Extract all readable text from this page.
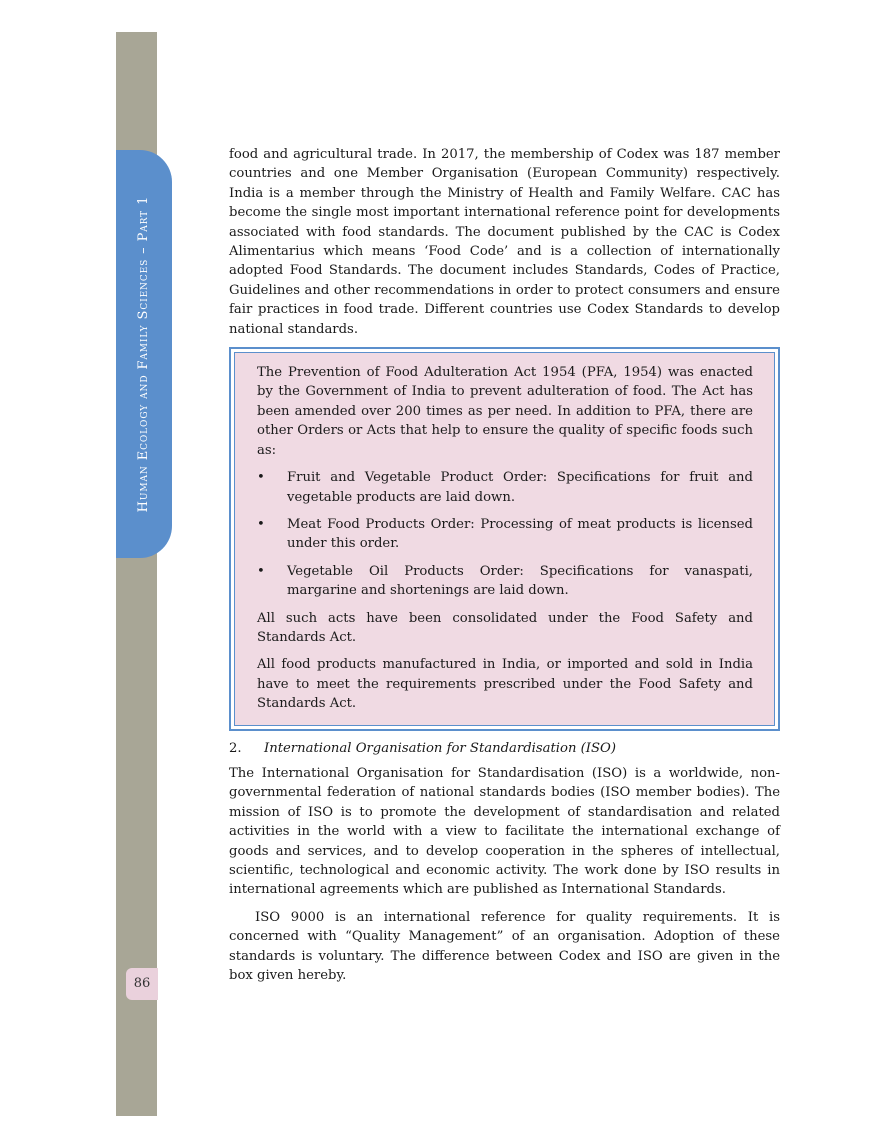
Human Ecology and Family Sciences – Part 1
86

food and agricultural trade. In 2017, the membership of Codex was 187 member countries and one Member Organisation (European Community) respectively. India is a member through the Ministry of Health and Family Welfare. CAC has become the single most important international reference point for developments associated with food standards. The document published by the CAC is Codex Alimentarius which means ‘Food Code’ and is a collection of internationally adopted Food Standards. The document includes Standards, Codes of Practice, Guidelines and other recommendations in order to protect consumers and ensure fair practices in food trade. Different countries use Codex Standards to develop national standards.

The Prevention of Food Adulteration Act 1954 (PFA, 1954) was enacted by the Government of India to prevent adulteration of food. The Act has been amended over 200 times as per need. In addition to PFA, there are other Orders or Acts that help to ensure the quality of specific foods such as:

• Fruit and Vegetable Product Order: Specifications for fruit and vegetable products are laid down.
• Meat Food Products Order: Processing of meat products is licensed under this order.
• Vegetable Oil Products Order: Specifications for vanaspati, margarine and shortenings are laid down.

All such acts have been consolidated under the Food Safety and Standards Act.

All food products manufactured in India, or imported and sold in India have to meet the requirements prescribed under the Food Safety and Standards Act.

2. International Organisation for Standardisation (ISO)

The International Organisation for Standardisation (ISO) is a worldwide, non-governmental federation of national standards bodies (ISO member bodies). The mission of ISO is to promote the development of standardisation and related activities in the world with a view to facilitate the international exchange of goods and services, and to develop cooperation in the spheres of intellectual, scientific, technological and economic activity. The work done by ISO results in international agreements which are published as International Standards.

ISO 9000 is an international reference for quality requirements. It is concerned with “Quality Management” of an organisation. Adoption of these standards is voluntary. The difference between Codex and ISO are given in the box given hereby.
